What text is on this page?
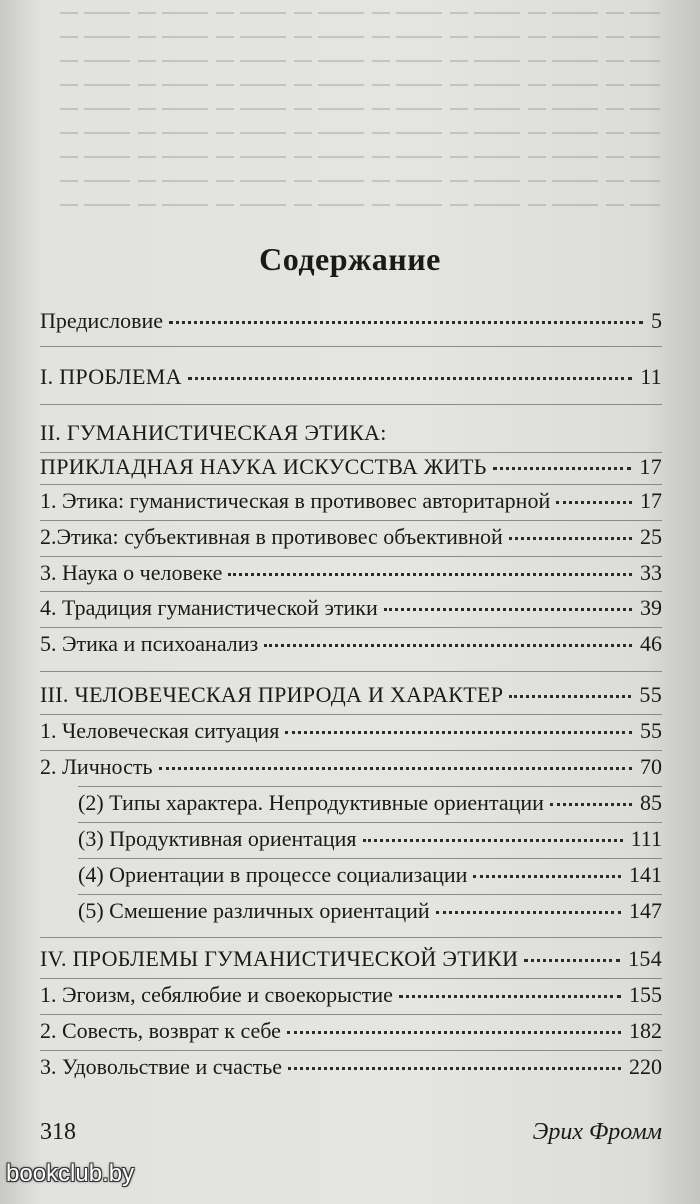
Содержание
Предисловие	5
I. ПРОБЛЕМА	11
II. ГУМАНИСТИЧЕСКАЯ ЭТИКА:
ПРИКЛАДНАЯ НАУКА ИСКУССТВА ЖИТЬ	17
1. Этика: гуманистическая в противовес авторитарной	17
2.Этика: субъективная в противовес объективной	25
3. Наука о человеке	33
4. Традиция гуманистической этики	39
5. Этика и психоанализ	46
III. ЧЕЛОВЕЧЕСКАЯ ПРИРОДА И ХАРАКТЕР	55
1. Человеческая ситуация	55
2. Личность	70
(2) Типы характера. Непродуктивные ориентации	85
(3) Продуктивная ориентация	111
(4) Ориентации в процессе социализации	141
(5) Смешение различных ориентаций	147
IV. ПРОБЛЕМЫ ГУМАНИСТИЧЕСКОЙ ЭТИКИ	154
1. Эгоизм, себялюбие и своекорыстие	155
2. Совесть, возврат к себе	182
3. Удовольствие и счастье	220
318	Эрих Фромм
bookclub.by
